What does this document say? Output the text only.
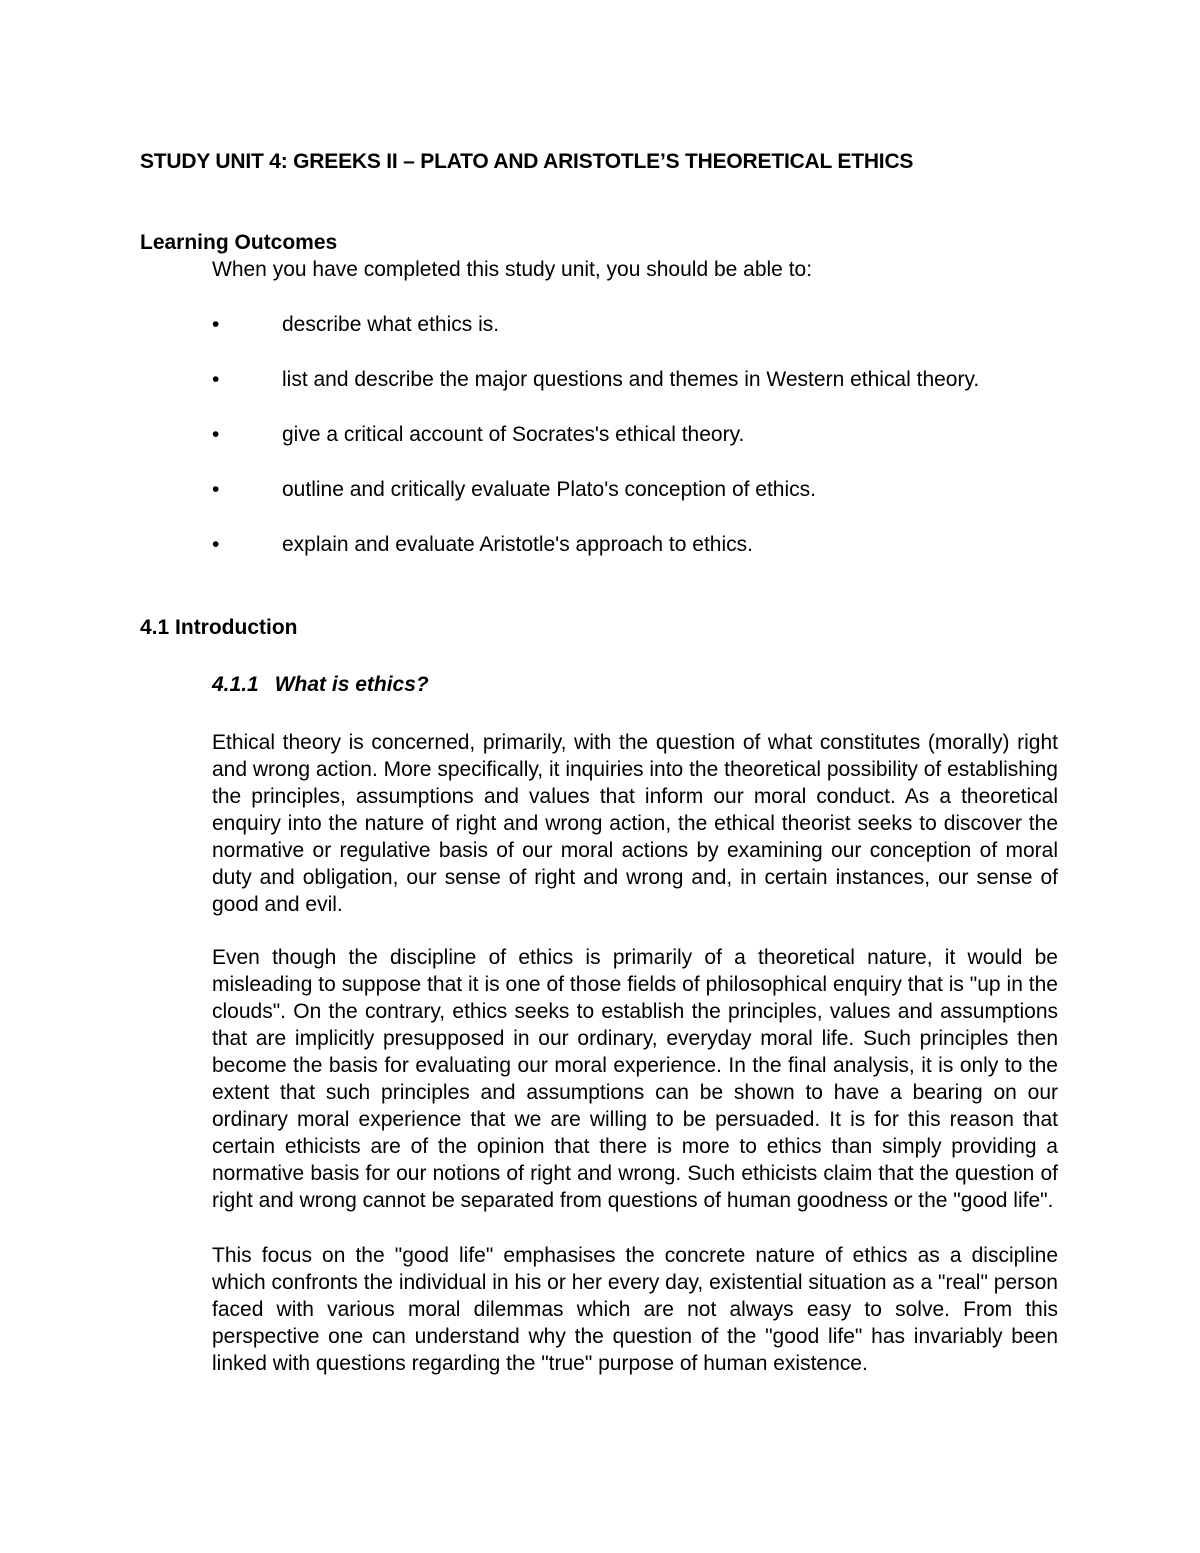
STUDY UNIT 4: GREEKS II – PLATO AND ARISTOTLE’S THEORETICAL ETHICS
Learning Outcomes
When you have completed this study unit, you should be able to:
•	describe what ethics is.
•	list and describe the major questions and themes in Western ethical theory.
•	give a critical account of Socrates's ethical theory.
•	outline and critically evaluate Plato's conception of ethics.
•	explain and evaluate Aristotle's approach to ethics.
4.1 Introduction
4.1.1 What is ethics?

Ethical theory is concerned, primarily, with the question of what constitutes (morally) right and wrong action. More specifically, it inquiries into the theoretical possibility of establishing the principles, assumptions and values that inform our moral conduct. As a theoretical enquiry into the nature of right and wrong action, the ethical theorist seeks to discover the normative or regulative basis of our moral actions by examining our conception of moral duty and obligation, our sense of right and wrong and, in certain instances, our sense of good and evil.

Even though the discipline of ethics is primarily of a theoretical nature, it would be misleading to suppose that it is one of those fields of philosophical enquiry that is "up in the clouds". On the contrary, ethics seeks to establish the principles, values and assumptions that are implicitly presupposed in our ordinary, everyday moral life. Such principles then become the basis for evaluating our moral experience. In the final analysis, it is only to the extent that such principles and assumptions can be shown to have a bearing on our ordinary moral experience that we are willing to be persuaded. It is for this reason that certain ethicists are of the opinion that there is more to ethics than simply providing a normative basis for our notions of right and wrong. Such ethicists claim that the question of right and wrong cannot be separated from questions of human goodness or the "good life".

This focus on the "good life" emphasises the concrete nature of ethics as a discipline which confronts the individual in his or her every day, existential situation as a "real" person faced with various moral dilemmas which are not always easy to solve. From this perspective one can understand why the question of the "good life" has invariably been linked with questions regarding the "true" purpose of human existence.
